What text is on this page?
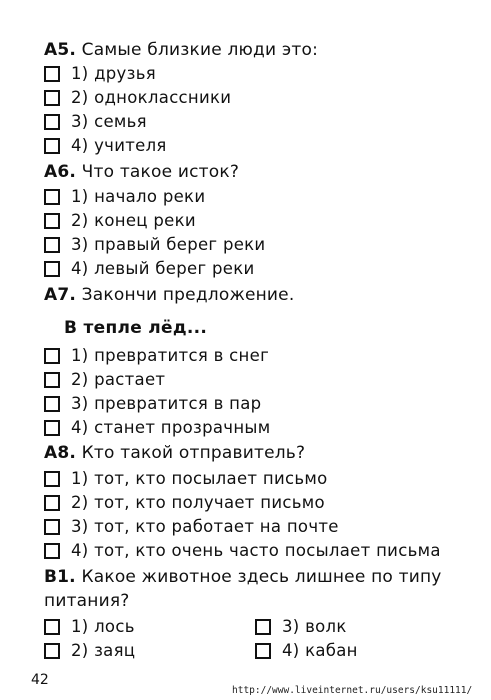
А5. Самые близкие люди это:
1) друзья
2) одноклассники
3) семья
4) учителя
А6. Что такое исток?
1) начало реки
2) конец реки
3) правый берег реки
4) левый берег реки
А7. Закончи предложение.
В тепле лёд...
1) превратится в снег
2) растает
3) превратится в пар
4) станет прозрачным
А8. Кто такой отправитель?
1) тот, кто посылает письмо
2) тот, кто получает письмо
3) тот, кто работает на почте
4) тот, кто очень часто посылает письма
В1. Какое животное здесь лишнее по типу
питания?
1) лось
2) заяц
3) волк
4) кабан
42
http://www.liveinternet.ru/users/ksu11111/
